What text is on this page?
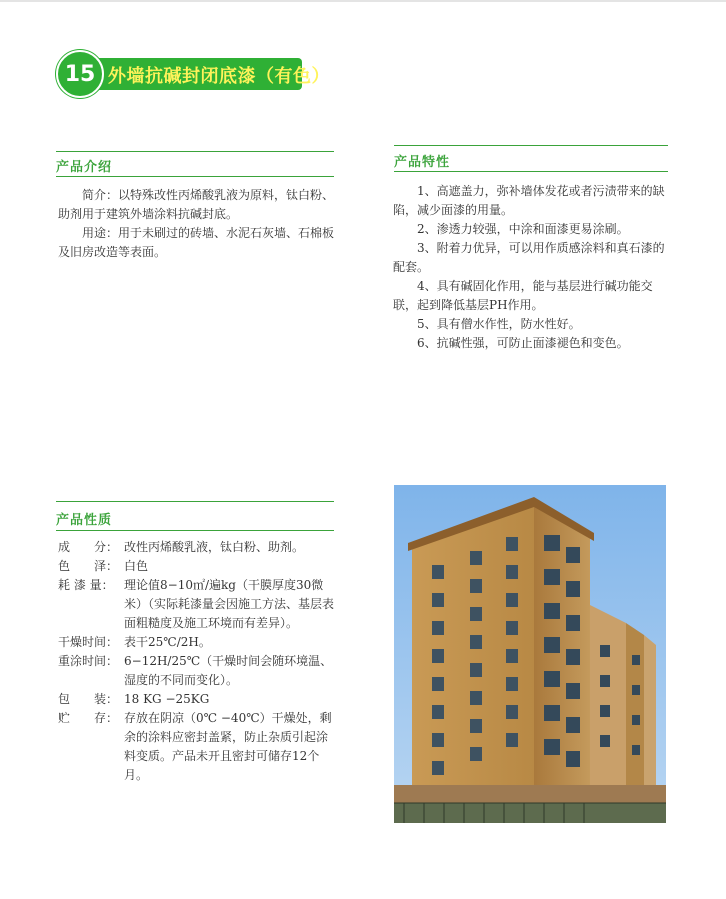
15 外墙抗碱封闭底漆（有色）
产品介绍

简介：以特殊改性丙烯酸乳液为原料，钛白粉、助剂用于建筑外墙涂料抗碱封底。

用途：用于未刷过的砖墙、水泥石灰墙、石棉板及旧房改造等表面。

产品特性

1、高遮盖力，弥补墙体发花或者污渍带来的缺陷，减少面漆的用量。

2、渗透力较强，中涂和面漆更易涂刷。

3、附着力优异，可以用作质感涂料和真石漆的配套。

4、具有碱固化作用，能与基层进行碱功能交联，起到降低基层PH作用。

5、具有僧水作性，防水性好。

6、抗碱性强，可防止面漆褪色和变色。

产品性质
成　　分： 改性丙烯酸乳液，钛白粉、助剂。
色　　泽： 白色
耗 漆 量： 理论值8−10㎡/遍kg（干膜厚度30微米）（实际耗漆量会因施工方法、基层表面粗糙度及施工环境而有差异）。
干燥时间： 表干25℃/2H。
重涂时间： 6−12H/25℃（干燥时间会随环境温、湿度的不同而变化）。
包　　装： 18 KG −25KG
贮　　存： 存放在阴凉（0℃ −40℃）干燥处，剩余的涂料应密封盖紧，防止杂质引起涂料变质。产品未开且密封可储存12个月。
